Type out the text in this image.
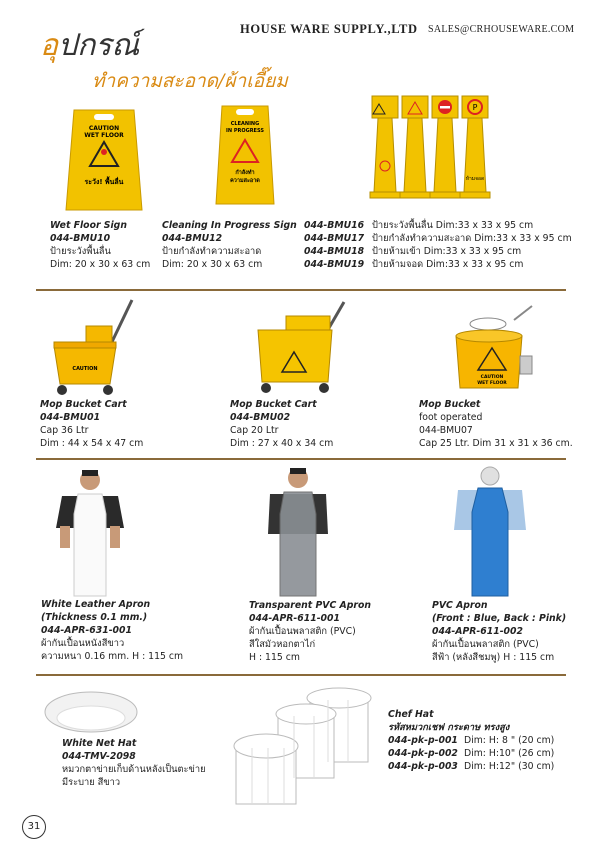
HOUSE WARE SUPPLY.,LTD SALES@CRHOUSEWARE.COM
อุปกรณ์
ทำความสะอาด/ผ้าเอี๊ยม
CAUTION
WET FLOOR
ระวัง! พื้นลื่น
CLEANING
IN PROGRESS
กำลังทำ
ความสะอาด
P
ห้ามจอด
Wet Floor Sign
044-BMU10
ป้ายระวังพื้นลื่น
Dim: 20 x 30 x 63 cm
Cleaning In Progress Sign
044-BMU12
ป้ายกำลังทำความสะอาด
Dim: 20 x 30 x 63 cm
044-BMU16 ป้ายระวังพื้นลื่น Dim:33 x 33 x 95 cm
044-BMU17 ป้ายกำลังทำความสะอาด Dim:33 x 33 x 95 cm
044-BMU18 ป้ายห้ามเข้า Dim:33 x 33 x 95 cm
044-BMU19 ป้ายห้ามจอด Dim:33 x 33 x 95 cm
CAUTION
CAUTION
WET FLOOR
Mop Bucket Cart
044-BMU01
Cap 36 Ltr
Dim : 44 x 54 x 47 cm
Mop Bucket Cart
044-BMU02
Cap 20 Ltr
Dim : 27 x 40 x 34 cm
Mop Bucket
foot operated
044-BMU07
Cap 25 Ltr. Dim 31 x 31 x 36 cm.
White Leather Apron
(Thickness 0.1 mm.)
044-APR-631-001
ผ้ากันเปื้อนหนังสีขาว
ความหนา 0.16 mm. H : 115 cm
Transparent PVC Apron
044-APR-611-001
ผ้ากันเปื้อนพลาสติก (PVC)
สีใสมัวหอกตาไก่
H : 115 cm
PVC Apron
(Front : Blue, Back : Pink)
044-APR-611-002
ผ้ากันเปื้อนพลาสติก (PVC)
สีฟ้า (หลังสีชมพู) H : 115 cm
White Net Hat
044-TMV-2098
หมวกตาข่ายเก็บด้านหลังเป็นตะข่าย
มีระบาย สีขาว
Chef Hat
รหัสหมวกเชฟ กระดาษ ทรงสูง
044-pk-p-001 Dim: H: 8 " (20 cm)
044-pk-p-002 Dim: H:10" (26 cm)
044-pk-p-003 Dim: H:12" (30 cm)
31
